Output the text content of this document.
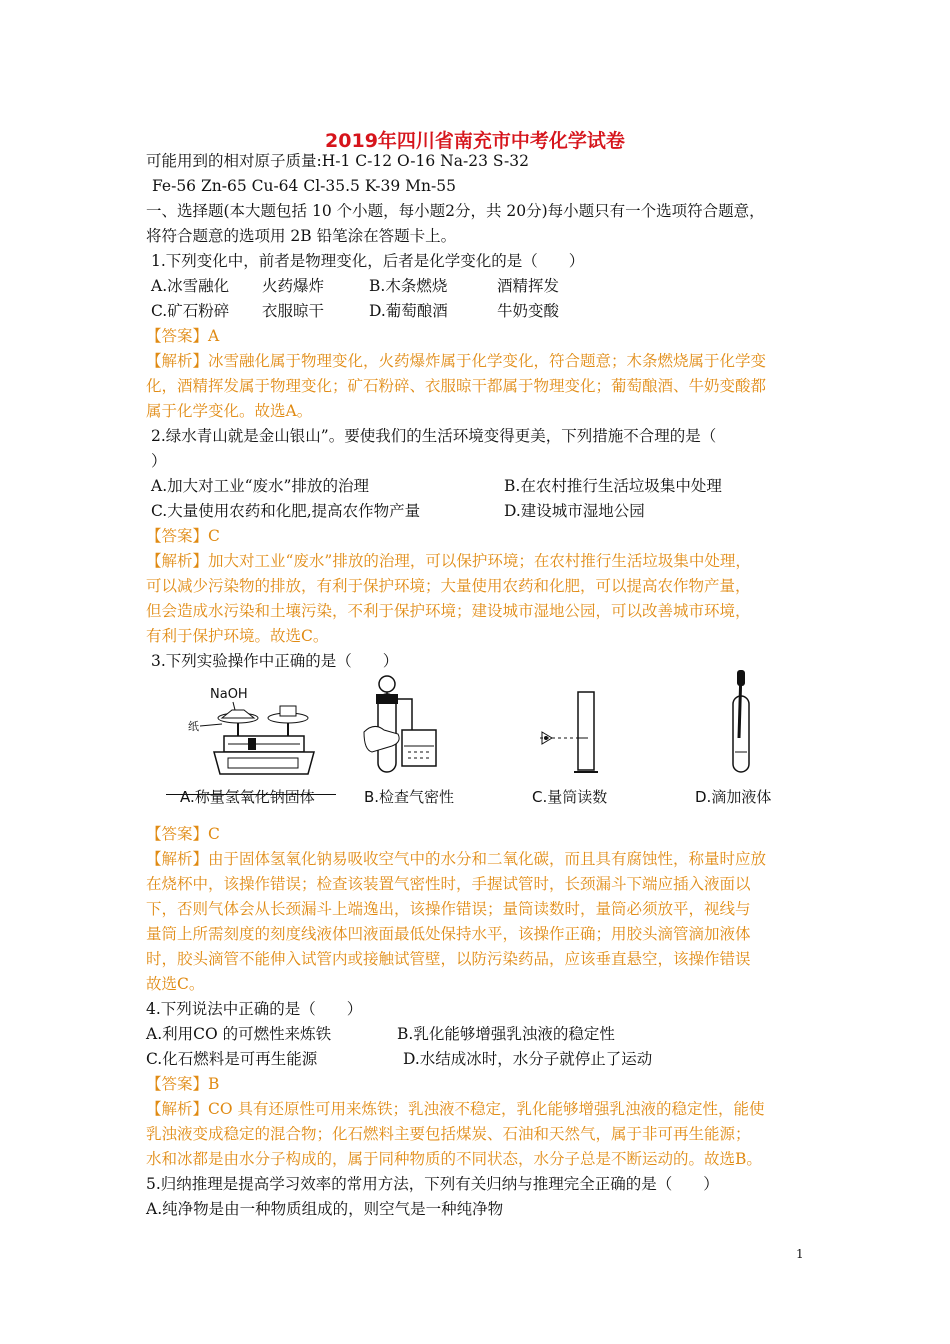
2019年四川省南充市中考化学试卷
可能用到的相对原子质量:H-1 C-12 O-16 Na-23 S-32
Fe-56 Zn-65 Cu-64 Cl-35.5 K-39 Mn-55
一、选择题(本大题包括 10 个小题，每小题2分，共 20分)每小题只有一个选项符合题意，
将符合题意的选项用 2B 铅笔涂在答题卡上。
1.下列变化中，前者是物理变化，后者是化学变化的是（　　）
A.冰雪融化 火药爆炸	B.木条燃烧	酒精挥发
C.矿石粉碎 衣服晾干	D.葡萄酿酒	牛奶变酸
【答案】A
【解析】冰雪融化属于物理变化，火药爆炸属于化学变化，符合题意；木条燃烧属于化学变
化，酒精挥发属于物理变化；矿石粉碎、衣服晾干都属于物理变化；葡萄酿酒、牛奶变酸都
属于化学变化。故选A。
2.绿水青山就是金山银山”。要使我们的生活环境变得更美，下列措施不合理的是（
）
A.加大对工业“废水”排放的治理	B.在农村推行生活垃圾集中处理
C.大量使用农药和化肥,提高农作物产量	D.建设城市湿地公园
【答案】C
【解析】加大对工业“废水”排放的治理，可以保护环境；在农村推行生活垃圾集中处理，
可以减少污染物的排放，有利于保护环境；大量使用农药和化肥，可以提高农作物产量，
但会造成水污染和土壤污染，不利于保护环境；建设城市湿地公园，可以改善城市环境，
有利于保护环境。故选C。
3.下列实验操作中正确的是（　　）
NaOH
纸
A.称量氢氧化钠固体	B.检查气密性	C.量筒读数	D.滴加液体
【答案】C
【解析】由于固体氢氧化钠易吸收空气中的水分和二氧化碳，而且具有腐蚀性，称量时应放
在烧杯中，该操作错误；检查该装置气密性时，手握试管时，长颈漏斗下端应插入液面以
下，否则气体会从长颈漏斗上端逸出，该操作错误；量筒读数时，量筒必须放平，视线与
量筒上所需刻度的刻度线液体凹液面最低处保持水平，该操作正确；用胶头滴管滴加液体
时，胶头滴管不能伸入试管内或接触试管壁，以防污染药品，应该垂直悬空，该操作错误
故选C。
4.下列说法中正确的是（　　）
A.利用CO 的可燃性来炼铁	B.乳化能够增强乳浊液的稳定性
C.化石燃料是可再生能源	D.水结成冰时，水分子就停止了运动
【答案】B
【解析】CO 具有还原性可用来炼铁；乳浊液不稳定，乳化能够增强乳浊液的稳定性，能使
乳浊液变成稳定的混合物；化石燃料主要包括煤炭、石油和天然气，属于非可再生能源；
水和冰都是由水分子构成的，属于同种物质的不同状态，水分子总是不断运动的。故选B。
5.归纳推理是提高学习效率的常用方法，下列有关归纳与推理完全正确的是（　　）
A.纯净物是由一种物质组成的，则空气是一种纯净物
1
